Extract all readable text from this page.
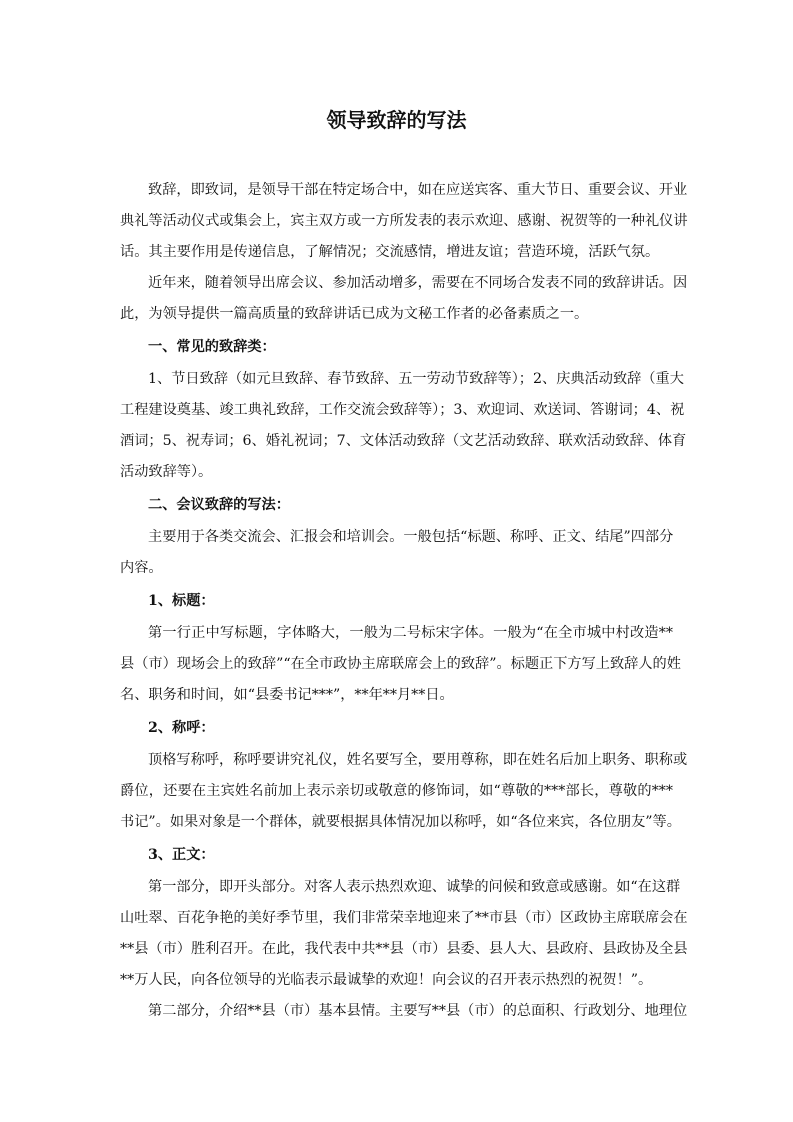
领导致辞的写法
致辞，即致词，是领导干部在特定场合中，如在应送宾客、重大节日、重要会议、开业
典礼等活动仪式或集会上，宾主双方或一方所发表的表示欢迎、感谢、祝贺等的一种礼仪讲
话。其主要作用是传递信息，了解情况；交流感情，增进友谊；营造环境，活跃气氛。
近年来，随着领导出席会议、参加活动增多，需要在不同场合发表不同的致辞讲话。因
此，为领导提供一篇高质量的致辞讲话已成为文秘工作者的必备素质之一。
一、常见的致辞类：
1、节日致辞（如元旦致辞、春节致辞、五一劳动节致辞等）；2、庆典活动致辞（重大
工程建设奠基、竣工典礼致辞，工作交流会致辞等）；3、欢迎词、欢送词、答谢词；4、祝
酒词；5、祝寿词；6、婚礼祝词；7、文体活动致辞（文艺活动致辞、联欢活动致辞、体育
活动致辞等）。
二、会议致辞的写法：
主要用于各类交流会、汇报会和培训会。一般包括“标题、称呼、正文、结尾”四部分
内容。
1、标题：
第一行正中写标题，字体略大，一般为二号标宋字体。一般为“在全市城中村改造**
县（市）现场会上的致辞”“在全市政协主席联席会上的致辞”。标题正下方写上致辞人的姓
名、职务和时间，如“县委书记***”，**年**月**日。
2、称呼：
顶格写称呼，称呼要讲究礼仪，姓名要写全，要用尊称，即在姓名后加上职务、职称或
爵位，还要在主宾姓名前加上表示亲切或敬意的修饰词，如“尊敬的***部长，尊敬的***
书记”。如果对象是一个群体，就要根据具体情况加以称呼，如“各位来宾，各位朋友”等。
3、正文：
第一部分，即开头部分。对客人表示热烈欢迎、诚挚的问候和致意或感谢。如“在这群
山吐翠、百花争艳的美好季节里，我们非常荣幸地迎来了**市县（市）区政协主席联席会在
**县（市）胜利召开。在此，我代表中共**县（市）县委、县人大、县政府、县政协及全县
**万人民，向各位领导的光临表示最诚挚的欢迎！向会议的召开表示热烈的祝贺！”。
第二部分，介绍**县（市）基本县情。主要写**县（市）的总面积、行政划分、地理位
